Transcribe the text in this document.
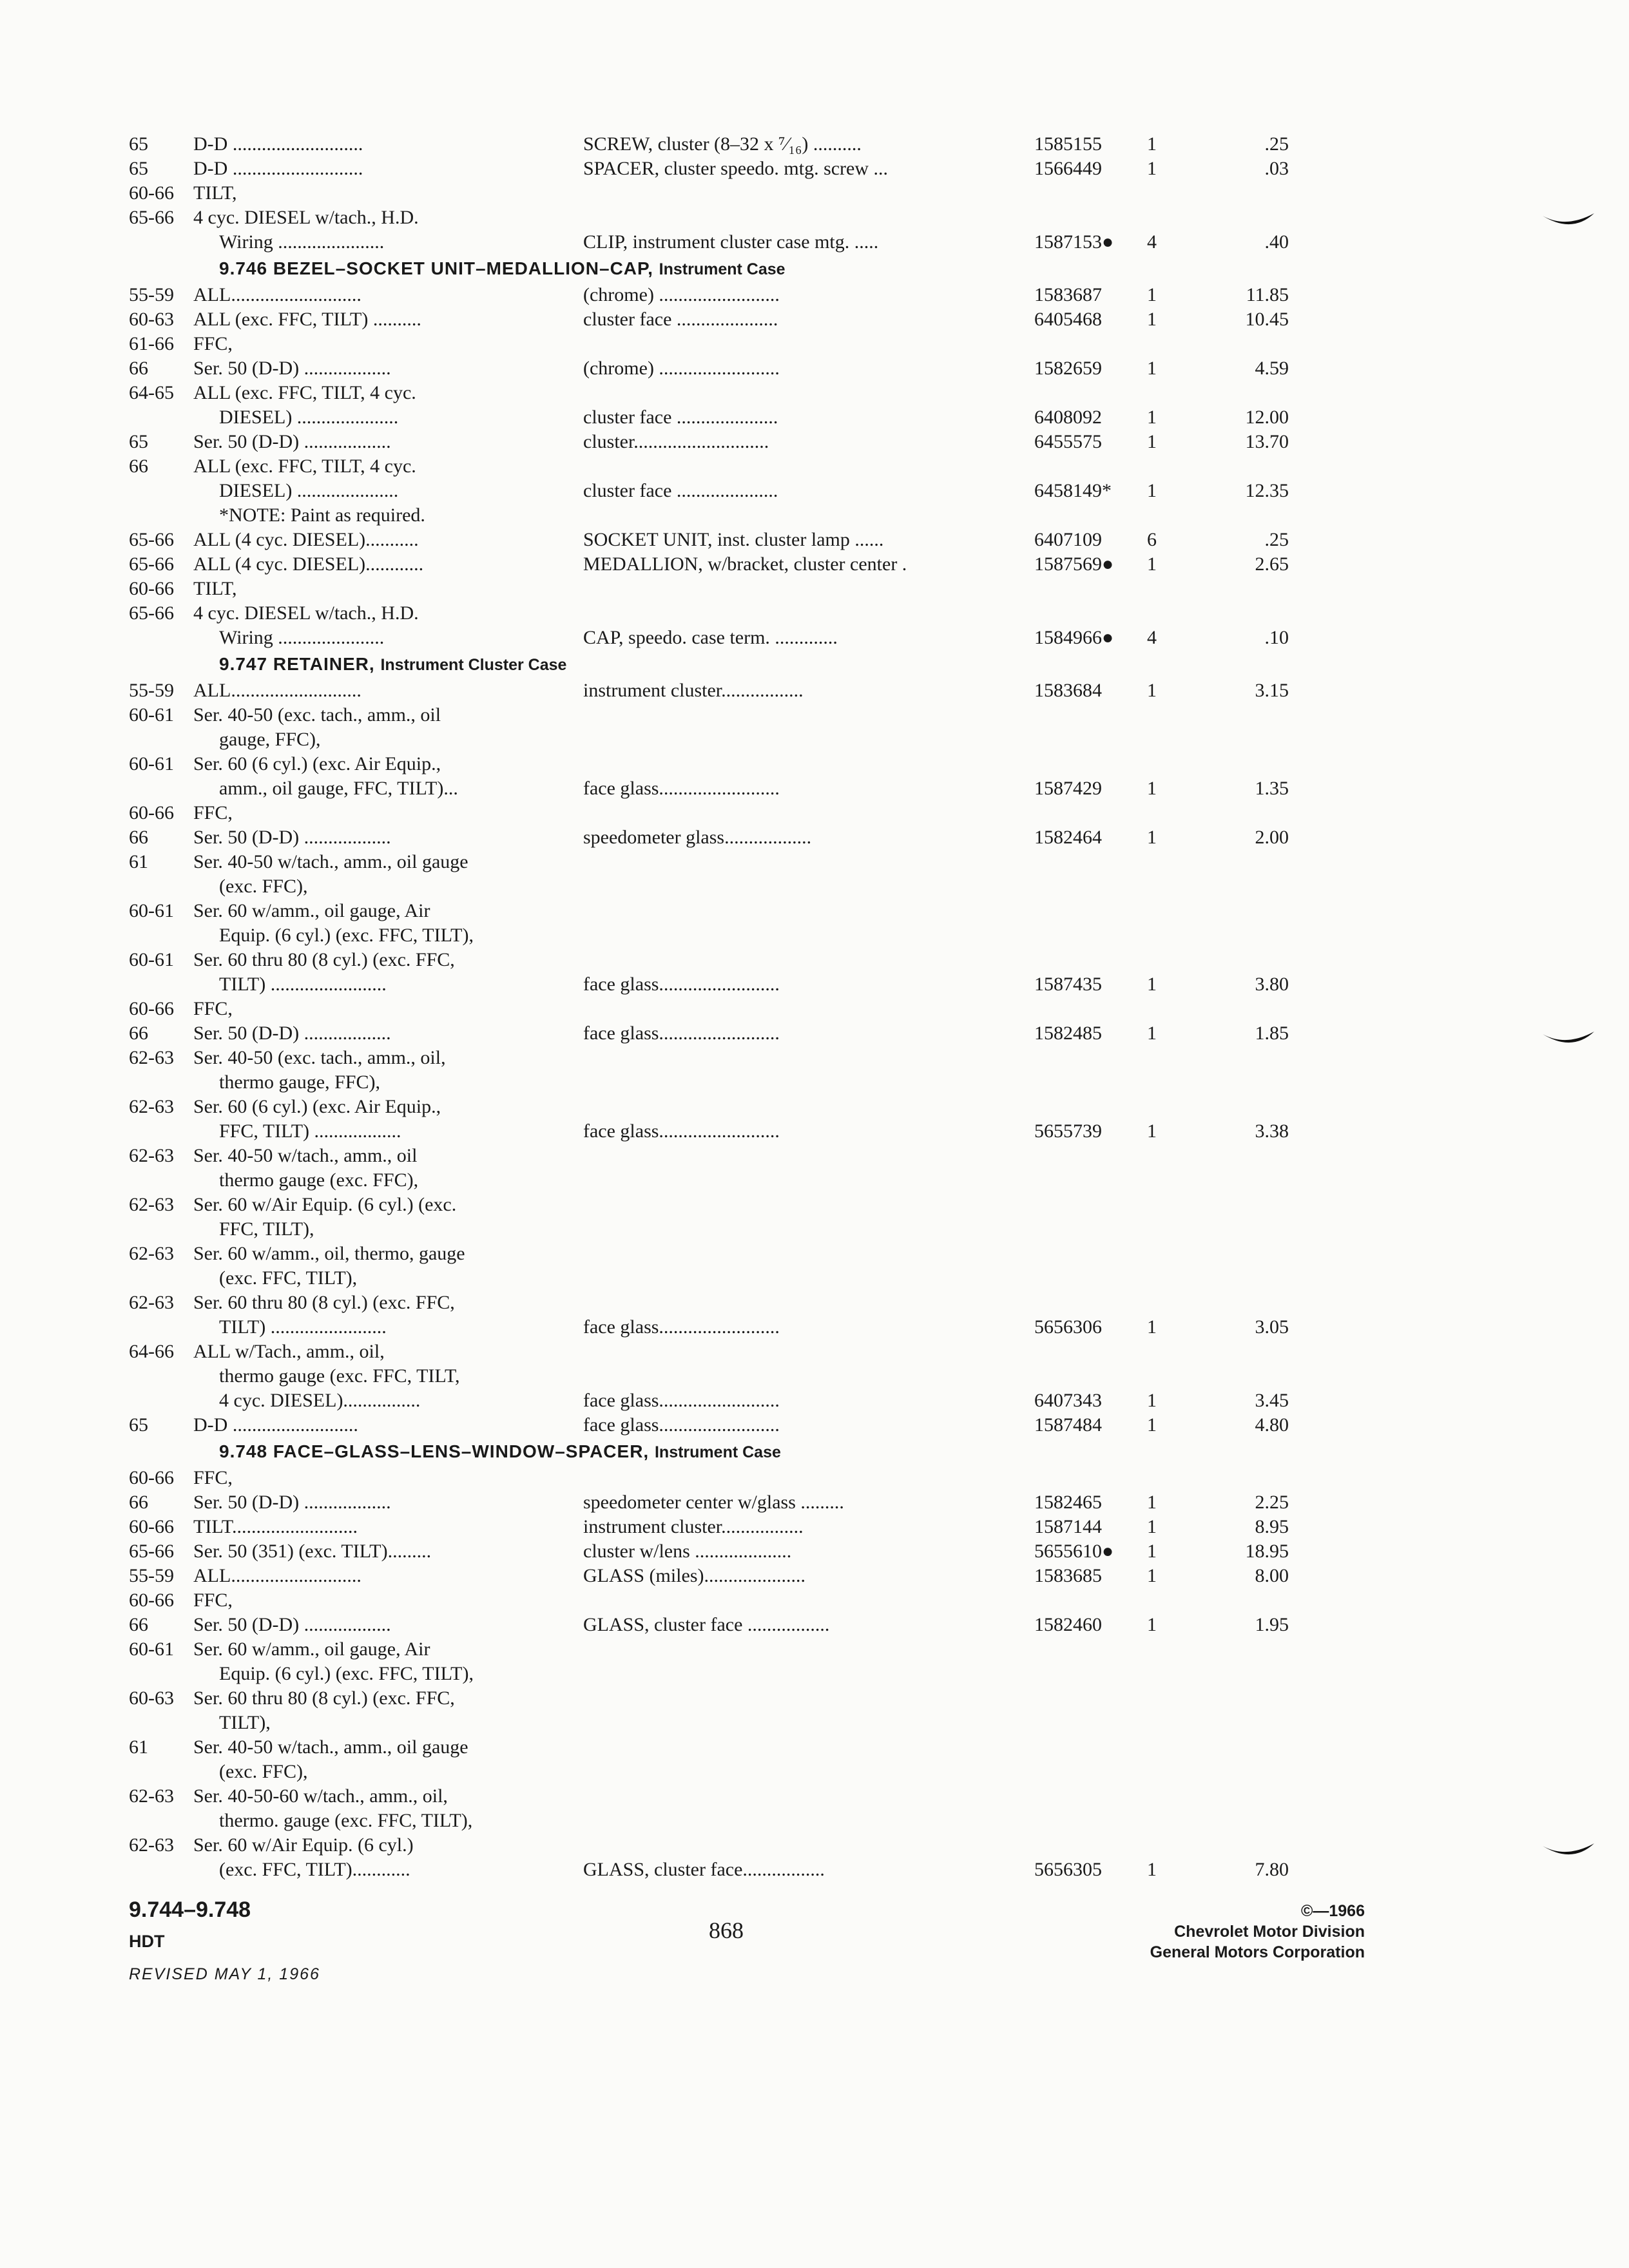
65	D-D ...........................	SCREW, cluster (8–32 x ⁷⁄₁₆) ..........	1585155	1	.25
65	D-D ...........................	SPACER, cluster speedo. mtg. screw ...	1566449	1	.03
60-66	TILT,
65-66	4 cyc. DIESEL w/tach., H.D.
Wiring ......................	CLIP, instrument cluster case mtg. .....	1587153●	4	.40
9.746 BEZEL–SOCKET UNIT–MEDALLION–CAP, Instrument Case
55-59	ALL...........................	(chrome) .........................	1583687	1	11.85
60-63	ALL (exc. FFC, TILT) ..........	cluster face .....................	6405468	1	10.45
61-66	FFC,
66	Ser. 50 (D-D) ..................	(chrome) .........................	1582659	1	4.59
64-65	ALL (exc. FFC, TILT, 4 cyc.
DIESEL) .....................	cluster face .....................	6408092	1	12.00
65	Ser. 50 (D-D) ..................	cluster............................	6455575	1	13.70
66	ALL (exc. FFC, TILT, 4 cyc.
DIESEL) .....................	cluster face .....................	6458149*	1	12.35
*NOTE: Paint as required.
65-66	ALL (4 cyc. DIESEL)...........	SOCKET UNIT, inst. cluster lamp ......	6407109	6	.25
65-66	ALL (4 cyc. DIESEL)............	MEDALLION, w/bracket, cluster center .	1587569●	1	2.65
60-66	TILT,
65-66	4 cyc. DIESEL w/tach., H.D.
Wiring ......................	CAP, speedo. case term. .............	1584966●	4	.10
9.747 RETAINER, Instrument Cluster Case
55-59	ALL...........................	instrument cluster.................	1583684	1	3.15
60-61	Ser. 40-50 (exc. tach., amm., oil
gauge, FFC),
60-61	Ser. 60 (6 cyl.) (exc. Air Equip.,
amm., oil gauge, FFC, TILT)...	face glass.........................	1587429	1	1.35
60-66	FFC,
66	Ser. 50 (D-D) ..................	speedometer glass..................	1582464	1	2.00
61	Ser. 40-50 w/tach., amm., oil gauge
(exc. FFC),
60-61	Ser. 60 w/amm., oil gauge, Air
Equip. (6 cyl.) (exc. FFC, TILT),
60-61	Ser. 60 thru 80 (8 cyl.) (exc. FFC,
TILT) ........................	face glass.........................	1587435	1	3.80
60-66	FFC,
66	Ser. 50 (D-D) ..................	face glass.........................	1582485	1	1.85
62-63	Ser. 40-50 (exc. tach., amm., oil,
thermo gauge, FFC),
62-63	Ser. 60 (6 cyl.) (exc. Air Equip.,
FFC, TILT) ..................	face glass.........................	5655739	1	3.38
62-63	Ser. 40-50 w/tach., amm., oil
thermo gauge (exc. FFC),
62-63	Ser. 60 w/Air Equip. (6 cyl.) (exc.
FFC, TILT),
62-63	Ser. 60 w/amm., oil, thermo, gauge
(exc. FFC, TILT),
62-63	Ser. 60 thru 80 (8 cyl.) (exc. FFC,
TILT) ........................	face glass.........................	5656306	1	3.05
64-66	ALL w/Tach., amm., oil,
thermo gauge (exc. FFC, TILT,
4 cyc. DIESEL)................	face glass.........................	6407343	1	3.45
65	D-D ..........................	face glass.........................	1587484	1	4.80
9.748 FACE–GLASS–LENS–WINDOW–SPACER, Instrument Case
60-66	FFC,
66	Ser. 50 (D-D) ..................	speedometer center w/glass .........	1582465	1	2.25
60-66	TILT..........................	instrument cluster.................	1587144	1	8.95
65-66	Ser. 50 (351) (exc. TILT).........	cluster w/lens ....................	5655610●	1	18.95
55-59	ALL...........................	GLASS (miles).....................	1583685	1	8.00
60-66	FFC,
66	Ser. 50 (D-D) ..................	GLASS, cluster face .................	1582460	1	1.95
60-61	Ser. 60 w/amm., oil gauge, Air
Equip. (6 cyl.) (exc. FFC, TILT),
60-63	Ser. 60 thru 80 (8 cyl.) (exc. FFC,
TILT),
61	Ser. 40-50 w/tach., amm., oil gauge
(exc. FFC),
62-63	Ser. 40-50-60 w/tach., amm., oil,
thermo. gauge (exc. FFC, TILT),
62-63	Ser. 60 w/Air Equip. (6 cyl.)
(exc. FFC, TILT)............	GLASS, cluster face.................	5656305	1	7.80
9.744–9.748
HDT
REVISED MAY 1, 1966
868
©—1966
Chevrolet Motor Division
General Motors Corporation
